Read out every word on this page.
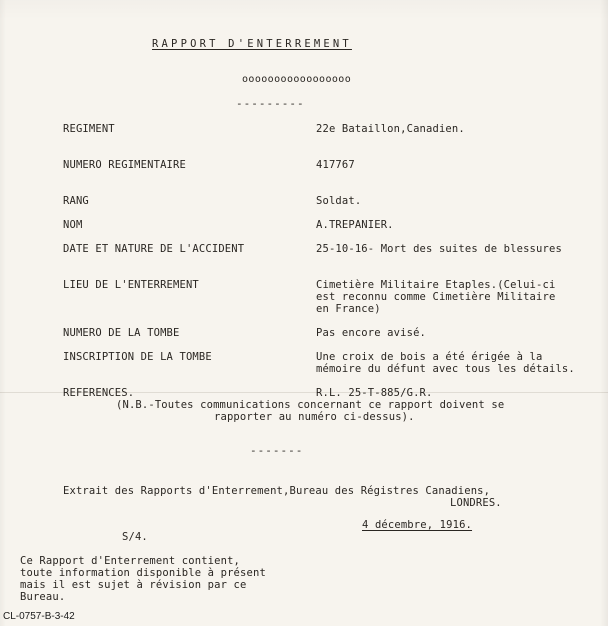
RAPPORT D'ENTERREMENT
ooooooooooooooooo
---------
REGIMENT	22e Bataillon,Canadien.
NUMERO REGIMENTAIRE	417767
RANG	Soldat.
NOM	A.TREPANIER.
DATE ET NATURE DE L'ACCIDENT	25-10-16- Mort des suites de blessures
LIEU DE L'ENTERREMENT	Cimetière Militaire Etaples.(Celui-ci
est reconnu comme Cimetière Militaire
en France)
NUMERO DE LA TOMBE	Pas encore avisé.
INSCRIPTION DE LA TOMBE	Une croix de bois a été érigée à la
mémoire du défunt avec tous les détails.
REFERENCES.	R.L. 25-T-885/G.R.
(N.B.-Toutes communications concernant ce rapport doivent se
rapporter au numéro ci-dessus).
-------
Extrait des Rapports d'Enterrement,Bureau des Régistres Canadiens,
LONDRES.
4 décembre, 1916.
S/4.
Ce Rapport d'Enterrement contient,
toute information disponible à présent
mais il est sujet à révision par ce
Bureau.
CL-0757-B-3-42
